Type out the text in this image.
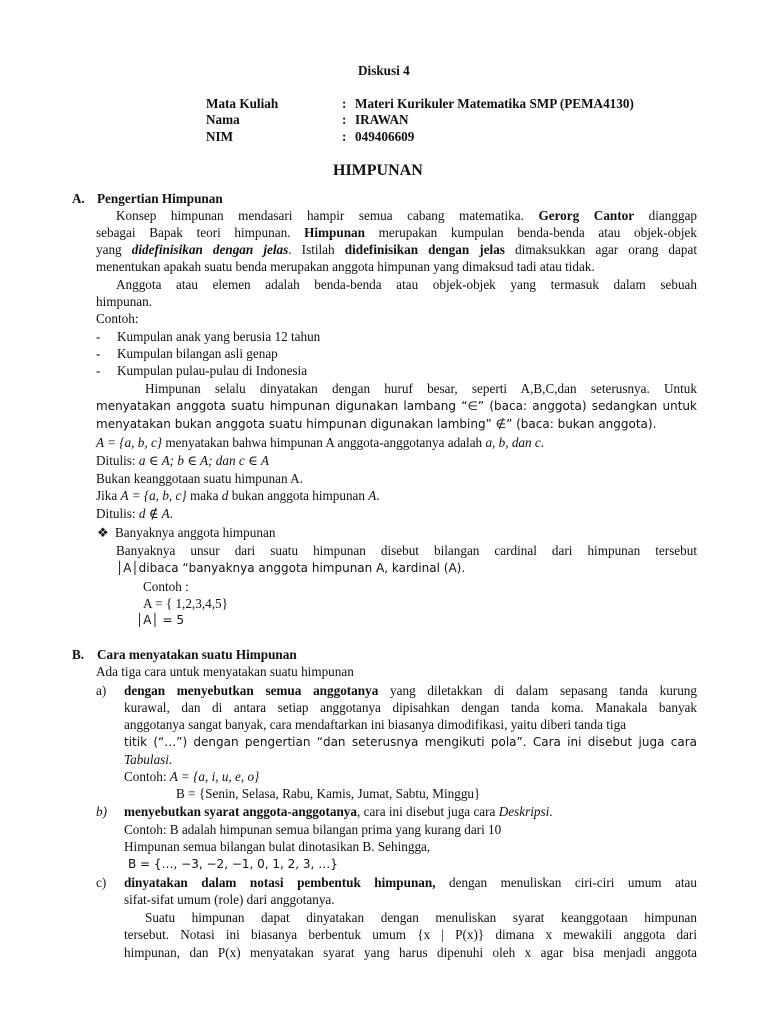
Diskusi 4
Mata Kuliah	: Materi Kurikuler Matematika SMP (PEMA4130)
Nama	: IRAWAN
NIM	: 049406609
HIMPUNAN
A. Pengertian Himpunan
Konsep himpunan mendasari hampir semua cabang matematika. Gerorg Cantor dianggap
sebagai Bapak teori himpunan. Himpunan merupakan kumpulan benda-benda atau objek-objek
yang didefinisikan dengan jelas. Istilah didefinisikan dengan jelas dimaksukkan agar orang dapat
menentukan apakah suatu benda merupakan anggota himpunan yang dimaksud tadi atau tidak.
Anggota atau elemen adalah benda-benda atau objek-objek yang termasuk dalam sebuah
himpunan.
Contoh:
- Kumpulan anak yang berusia 12 tahun
- Kumpulan bilangan asli genap
- Kumpulan pulau-pulau di Indonesia
Himpunan selalu dinyatakan dengan huruf besar, seperti A,B,C,dan seterusnya. Untuk
menyatakan anggota suatu himpunan digunakan lambang “∈” (baca: anggota) sedangkan untuk
menyatakan bukan anggota suatu himpunan digunakan lambing” ∉” (baca: bukan anggota).
A = {a, b, c} menyatakan bahwa himpunan A anggota-anggotanya adalah a, b, dan c.
Ditulis: a ∈ A; b ∈ A; dan c ∈ A
Bukan keanggotaan suatu himpunan A.
Jika A = {a, b, c} maka d bukan anggota himpunan A.
Ditulis: d ∉ A.
❖ Banyaknya anggota himpunan
Banyaknya unsur dari suatu himpunan disebut bilangan cardinal dari himpunan tersebut
│A│dibaca “banyaknya anggota himpunan A, kardinal (A).
Contoh :
A = { 1,2,3,4,5}
│A│ = 5
B. Cara menyatakan suatu Himpunan
Ada tiga cara untuk menyatakan suatu himpunan
a) dengan menyebutkan semua anggotanya yang diletakkan di dalam sepasang tanda kurung
kurawal, dan di antara setiap anggotanya dipisahkan dengan tanda koma. Manakala banyak
anggotanya sangat banyak, cara mendaftarkan ini biasanya dimodifikasi, yaitu diberi tanda tiga
titik (“…”) dengan pengertian “dan seterusnya mengikuti pola”. Cara ini disebut juga cara
Tabulasi.
Contoh: A = {a, i, u, e, o}
B = {Senin, Selasa, Rabu, Kamis, Jumat, Sabtu, Minggu}
b) menyebutkan syarat anggota-anggotanya, cara ini disebut juga cara Deskripsi.
Contoh: B adalah himpunan semua bilangan prima yang kurang dari 10
Himpunan semua bilangan bulat dinotasikan B. Sehingga,
B = {…, −3, −2, −1, 0, 1, 2, 3, …}
c) dinyatakan dalam notasi pembentuk himpunan, dengan menuliskan ciri-ciri umum atau
sifat-sifat umum (role) dari anggotanya.
Suatu himpunan dapat dinyatakan dengan menuliskan syarat keanggotaan himpunan
tersebut. Notasi ini biasanya berbentuk umum {x | P(x)} dimana x mewakili anggota dari
himpunan, dan P(x) menyatakan syarat yang harus dipenuhi oleh x agar bisa menjadi anggota
